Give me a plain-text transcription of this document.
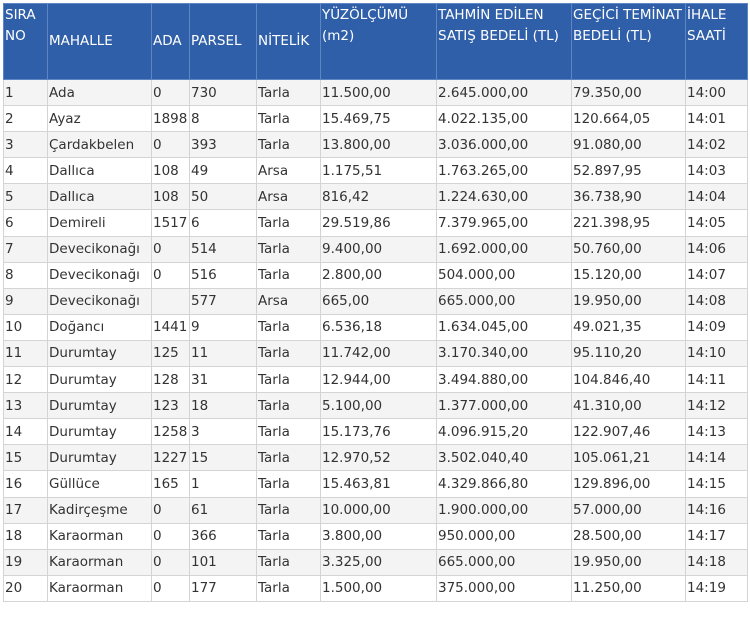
SIRA NO	MAHALLE	ADA	PARSEL	NİTELİK	YÜZÖLÇÜMÜ (m2)	TAHMİN EDİLEN SATIŞ BEDELİ (TL)	GEÇİCİ TEMİNAT BEDELİ (TL)	İHALE SAATİ
1	Ada	0	730	Tarla	11.500,00	2.645.000,00	79.350,00	14:00
2	Ayaz	1898	8	Tarla	15.469,75	4.022.135,00	120.664,05	14:01
3	Çardakbelen	0	393	Tarla	13.800,00	3.036.000,00	91.080,00	14:02
4	Dallıca	108	49	Arsa	1.175,51	1.763.265,00	52.897,95	14:03
5	Dallıca	108	50	Arsa	816,42	1.224.630,00	36.738,90	14:04
6	Demireli	1517	6	Tarla	29.519,86	7.379.965,00	221.398,95	14:05
7	Devecikonağı	0	514	Tarla	9.400,00	1.692.000,00	50.760,00	14:06
8	Devecikonağı	0	516	Tarla	2.800,00	504.000,00	15.120,00	14:07
9	Devecikonağı		577	Arsa	665,00	665.000,00	19.950,00	14:08
10	Doğancı	1441	9	Tarla	6.536,18	1.634.045,00	49.021,35	14:09
11	Durumtay	125	11	Tarla	11.742,00	3.170.340,00	95.110,20	14:10
12	Durumtay	128	31	Tarla	12.944,00	3.494.880,00	104.846,40	14:11
13	Durumtay	123	18	Tarla	5.100,00	1.377.000,00	41.310,00	14:12
14	Durumtay	1258	3	Tarla	15.173,76	4.096.915,20	122.907,46	14:13
15	Durumtay	1227	15	Tarla	12.970,52	3.502.040,40	105.061,21	14:14
16	Güllüce	165	1	Tarla	15.463,81	4.329.866,80	129.896,00	14:15
17	Kadirçeşme	0	61	Tarla	10.000,00	1.900.000,00	57.000,00	14:16
18	Karaorman	0	366	Tarla	3.800,00	950.000,00	28.500,00	14:17
19	Karaorman	0	101	Tarla	3.325,00	665.000,00	19.950,00	14:18
20	Karaorman	0	177	Tarla	1.500,00	375.000,00	11.250,00	14:19
